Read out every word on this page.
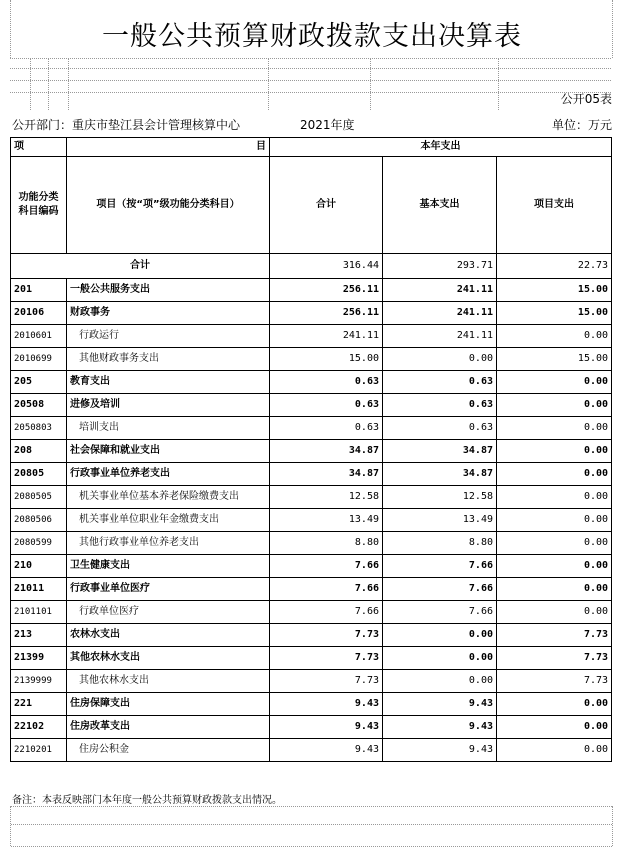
一般公共预算财政拨款支出决算表
公开05表
公开部门：重庆市垫江县会计管理核算中心	2021年度	单位：万元
项	目	本年支出		
功能分类科目编码	项目（按“项”级功能分类科目）	合计	基本支出	项目支出
合计		316.44	293.71	22.73
201	一般公共服务支出	256.11	241.11	15.00
20106	财政事务	256.11	241.11	15.00
2010601	行政运行	241.11	241.11	0.00
2010699	其他财政事务支出	15.00	0.00	15.00
205	教育支出	0.63	0.63	0.00
20508	进修及培训	0.63	0.63	0.00
2050803	培训支出	0.63	0.63	0.00
208	社会保障和就业支出	34.87	34.87	0.00
20805	行政事业单位养老支出	34.87	34.87	0.00
2080505	机关事业单位基本养老保险缴费支出	12.58	12.58	0.00
2080506	机关事业单位职业年金缴费支出	13.49	13.49	0.00
2080599	其他行政事业单位养老支出	8.80	8.80	0.00
210	卫生健康支出	7.66	7.66	0.00
21011	行政事业单位医疗	7.66	7.66	0.00
2101101	行政单位医疗	7.66	7.66	0.00
213	农林水支出	7.73	0.00	7.73
21399	其他农林水支出	7.73	0.00	7.73
2139999	其他农林水支出	7.73	0.00	7.73
221	住房保障支出	9.43	9.43	0.00
22102	住房改革支出	9.43	9.43	0.00
2210201	住房公积金	9.43	9.43	0.00
备注：本表反映部门本年度一般公共预算财政拨款支出情况。
